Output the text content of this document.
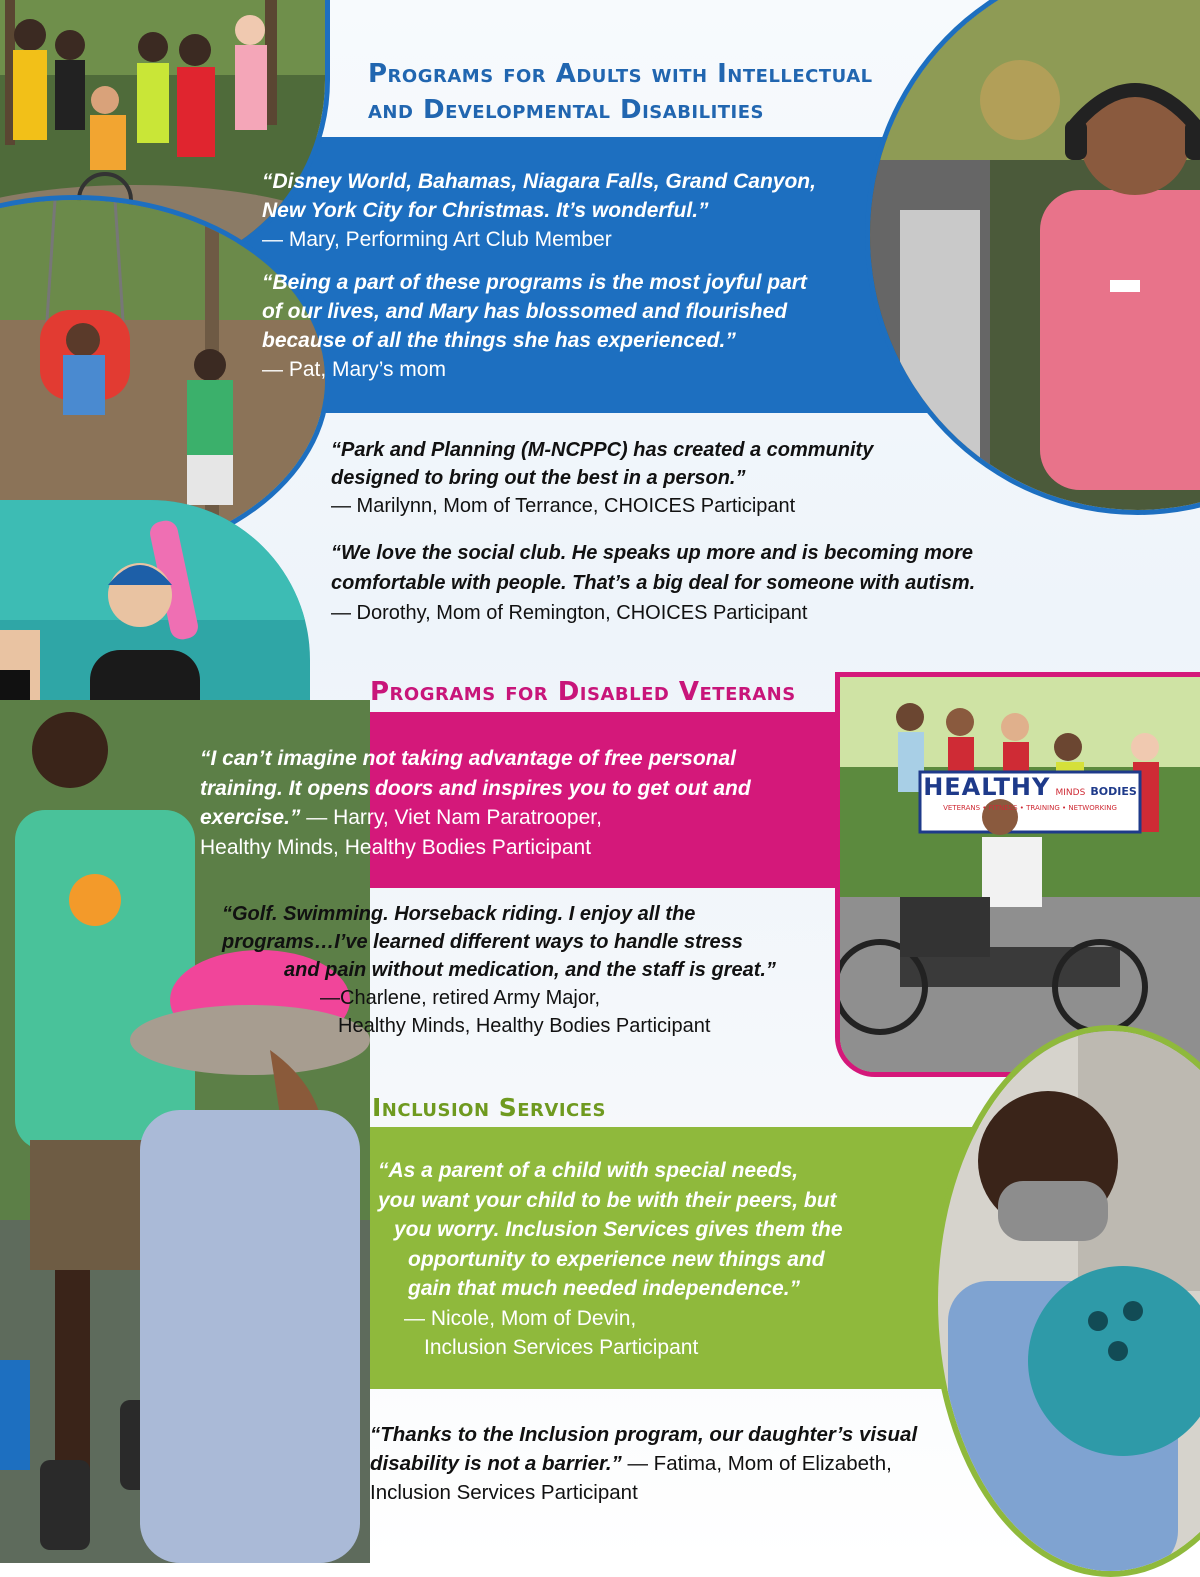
HEALTHY MINDS BODIES
VETERANS • FITNESS • TRAINING • NETWORKING
Programs for Adults with Intellectual
and Developmental Disabilities
“Disney World, Bahamas, Niagara Falls, Grand Canyon,
New York City for Christmas. It’s wonderful.”
— Mary, Performing Art Club Member
“Being a part of these programs is the most joyful part
of our lives, and Mary has blossomed and flourished
because of all the things she has experienced.”
— Pat, Mary’s mom
“Park and Planning (M-NCPPC) has created a community
designed to bring out the best in a person.”
— Marilynn, Mom of Terrance, CHOICES Participant
“We love the social club. He speaks up more and is becoming more
comfortable with people. That’s a big deal for someone with autism.
— Dorothy, Mom of Remington, CHOICES Participant
Programs for Disabled Veterans
“I can’t imagine not taking advantage of free personal
training. It opens doors and inspires you to get out and
exercise.” — Harry, Viet Nam Paratrooper,
Healthy Minds, Healthy Bodies Participant
“Golf. Swimming. Horseback riding. I enjoy all the
programs…I’ve learned different ways to handle stress
and pain without medication, and the staff is great.”
—Charlene, retired Army Major,
Healthy Minds, Healthy Bodies Participant
Inclusion Services
“As a parent of a child with special needs,
you want your child to be with their peers, but
you worry. Inclusion Services gives them the
opportunity to experience new things and
gain that much needed independence.”
— Nicole, Mom of Devin,
Inclusion Services Participant
“Thanks to the Inclusion program, our daughter’s visual
disability is not a barrier.” — Fatima, Mom of Elizabeth,
Inclusion Services Participant
